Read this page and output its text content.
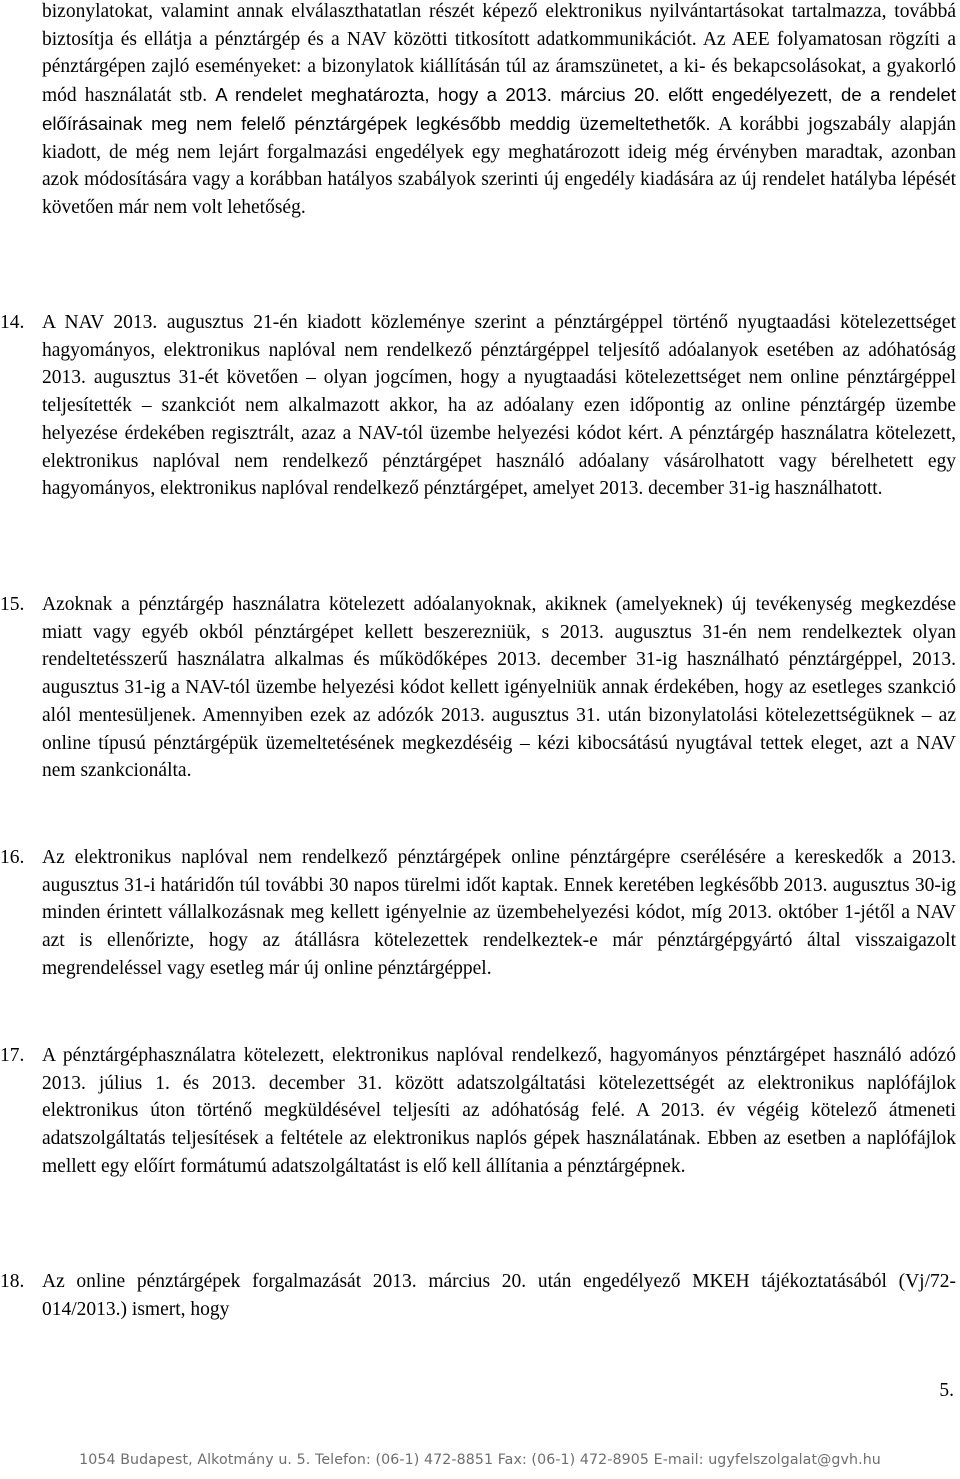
bizonylatokat, valamint annak elválaszthatatlan részét képező elektronikus nyilvántartásokat tartalmazza, továbbá biztosítja és ellátja a pénztárgép és a NAV közötti titkosított adatkommunikációt. Az AEE folyamatosan rögzíti a pénztárgépen zajló eseményeket: a bizonylatok kiállításán túl az áramszünetet, a ki- és bekapcsolásokat, a gyakorló mód használatát stb. A rendelet meghatározta, hogy a 2013. március 20. előtt engedélyezett, de a rendelet előírásainak meg nem felelő pénztárgépek legkésőbb meddig üzemeltethetők. A korábbi jogszabály alapján kiadott, de még nem lejárt forgalmazási engedélyek egy meghatározott ideig még érvényben maradtak, azonban azok módosítására vagy a korábban hatályos szabályok szerinti új engedély kiadására az új rendelet hatályba lépését követően már nem volt lehetőség.

14. A NAV 2013. augusztus 21-én kiadott közleménye szerint a pénztárgéppel történő nyugtaadási kötelezettséget hagyományos, elektronikus naplóval nem rendelkező pénztárgéppel teljesítő adóalanyok esetében az adóhatóság 2013. augusztus 31-ét követően – olyan jogcímen, hogy a nyugtaadási kötelezettséget nem online pénztárgéppel teljesítették – szankciót nem alkalmazott akkor, ha az adóalany ezen időpontig az online pénztárgép üzembe helyezése érdekében regisztrált, azaz a NAV-tól üzembe helyezési kódot kért. A pénztárgép használatra kötelezett, elektronikus naplóval nem rendelkező pénztárgépet használó adóalany vásárolhatott vagy bérelhetett egy hagyományos, elektronikus naplóval rendelkező pénztárgépet, amelyet 2013. december 31-ig használhatott.

15. Azoknak a pénztárgép használatra kötelezett adóalanyoknak, akiknek (amelyeknek) új tevékenység megkezdése miatt vagy egyéb okból pénztárgépet kellett beszerezniük, s 2013. augusztus 31-én nem rendelkeztek olyan rendeltetésszerű használatra alkalmas és működőképes 2013. december 31-ig használható pénztárgéppel, 2013. augusztus 31-ig a NAV-tól üzembe helyezési kódot kellett igényelniük annak érdekében, hogy az esetleges szankció alól mentesüljenek. Amennyiben ezek az adózók 2013. augusztus 31. után bizonylatolási kötelezettségüknek – az online típusú pénztárgépük üzemeltetésének megkezdéséig – kézi kibocsátású nyugtával tettek eleget, azt a NAV nem szankcionálta.

16. Az elektronikus naplóval nem rendelkező pénztárgépek online pénztárgépre cserélésére a kereskedők a 2013. augusztus 31-i határidőn túl további 30 napos türelmi időt kaptak. Ennek keretében legkésőbb 2013. augusztus 30-ig minden érintett vállalkozásnak meg kellett igényelnie az üzembehelyezési kódot, míg 2013. október 1-jétől a NAV azt is ellenőrizte, hogy az átállásra kötelezettek rendelkeztek-e már pénztárgépgyártó által visszaigazolt megrendeléssel vagy esetleg már új online pénztárgéppel.

17. A pénztárgéphasználatra kötelezett, elektronikus naplóval rendelkező, hagyományos pénztárgépet használó adózó 2013. július 1. és 2013. december 31. között adatszolgáltatási kötelezettségét az elektronikus naplófájlok elektronikus úton történő megküldésével teljesíti az adóhatóság felé. A 2013. év végéig kötelező átmeneti adatszolgáltatás teljesítések a feltétele az elektronikus naplós gépek használatának. Ebben az esetben a naplófájlok mellett egy előírt formátumú adatszolgáltatást is elő kell állítania a pénztárgépnek.

18. Az online pénztárgépek forgalmazását 2013. március 20. után engedélyező MKEH tájékoztatásából (Vj/72-014/2013.) ismert, hogy

5.
1054 Budapest, Alkotmány u. 5. Telefon: (06-1) 472-8851 Fax: (06-1) 472-8905 E-mail: ugyfelszolgalat@gvh.hu
